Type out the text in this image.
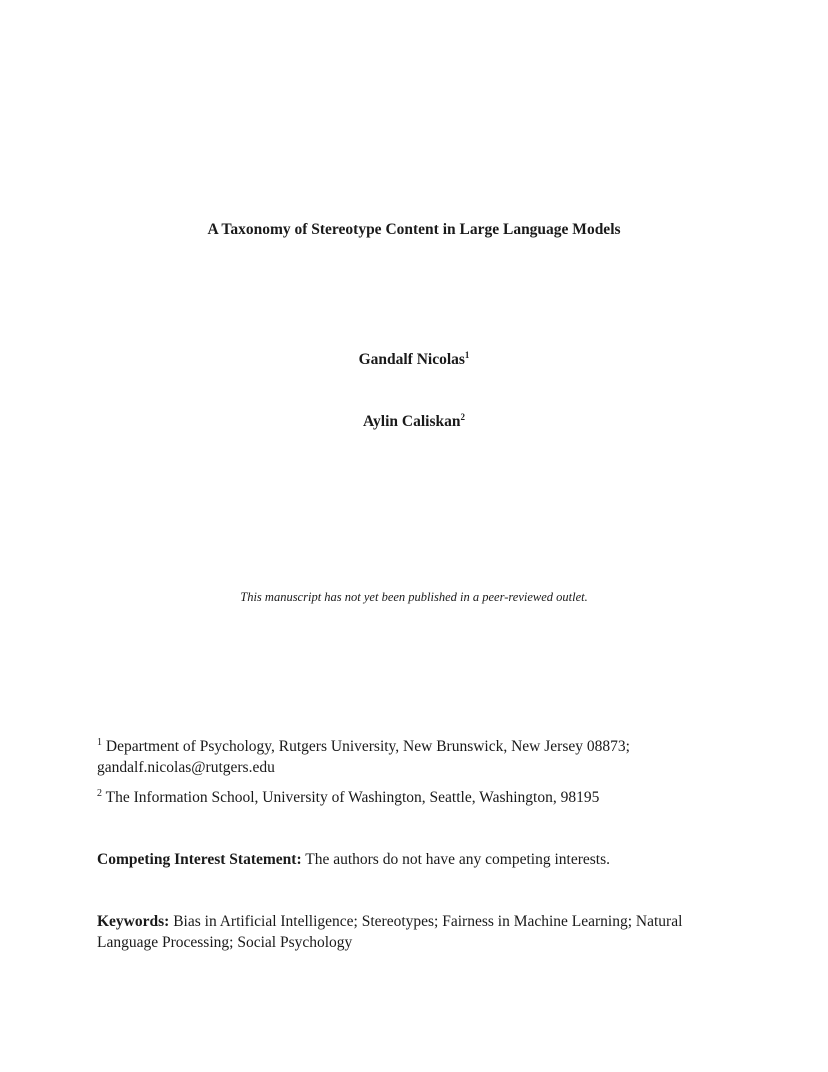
A Taxonomy of Stereotype Content in Large Language Models
Gandalf Nicolas$^1$
Aylin Caliskan$^2$
This manuscript has not yet been published in a peer-reviewed outlet.
$^1$ Department of Psychology, Rutgers University, New Brunswick, New Jersey 08873;
gandalf.nicolas@rutgers.edu
$^2$ The Information School, University of Washington, Seattle, Washington, 98195
Competing Interest Statement: The authors do not have any competing interests.
Keywords: Bias in Artificial Intelligence; Stereotypes; Fairness in Machine Learning; Natural Language Processing; Social Psychology
